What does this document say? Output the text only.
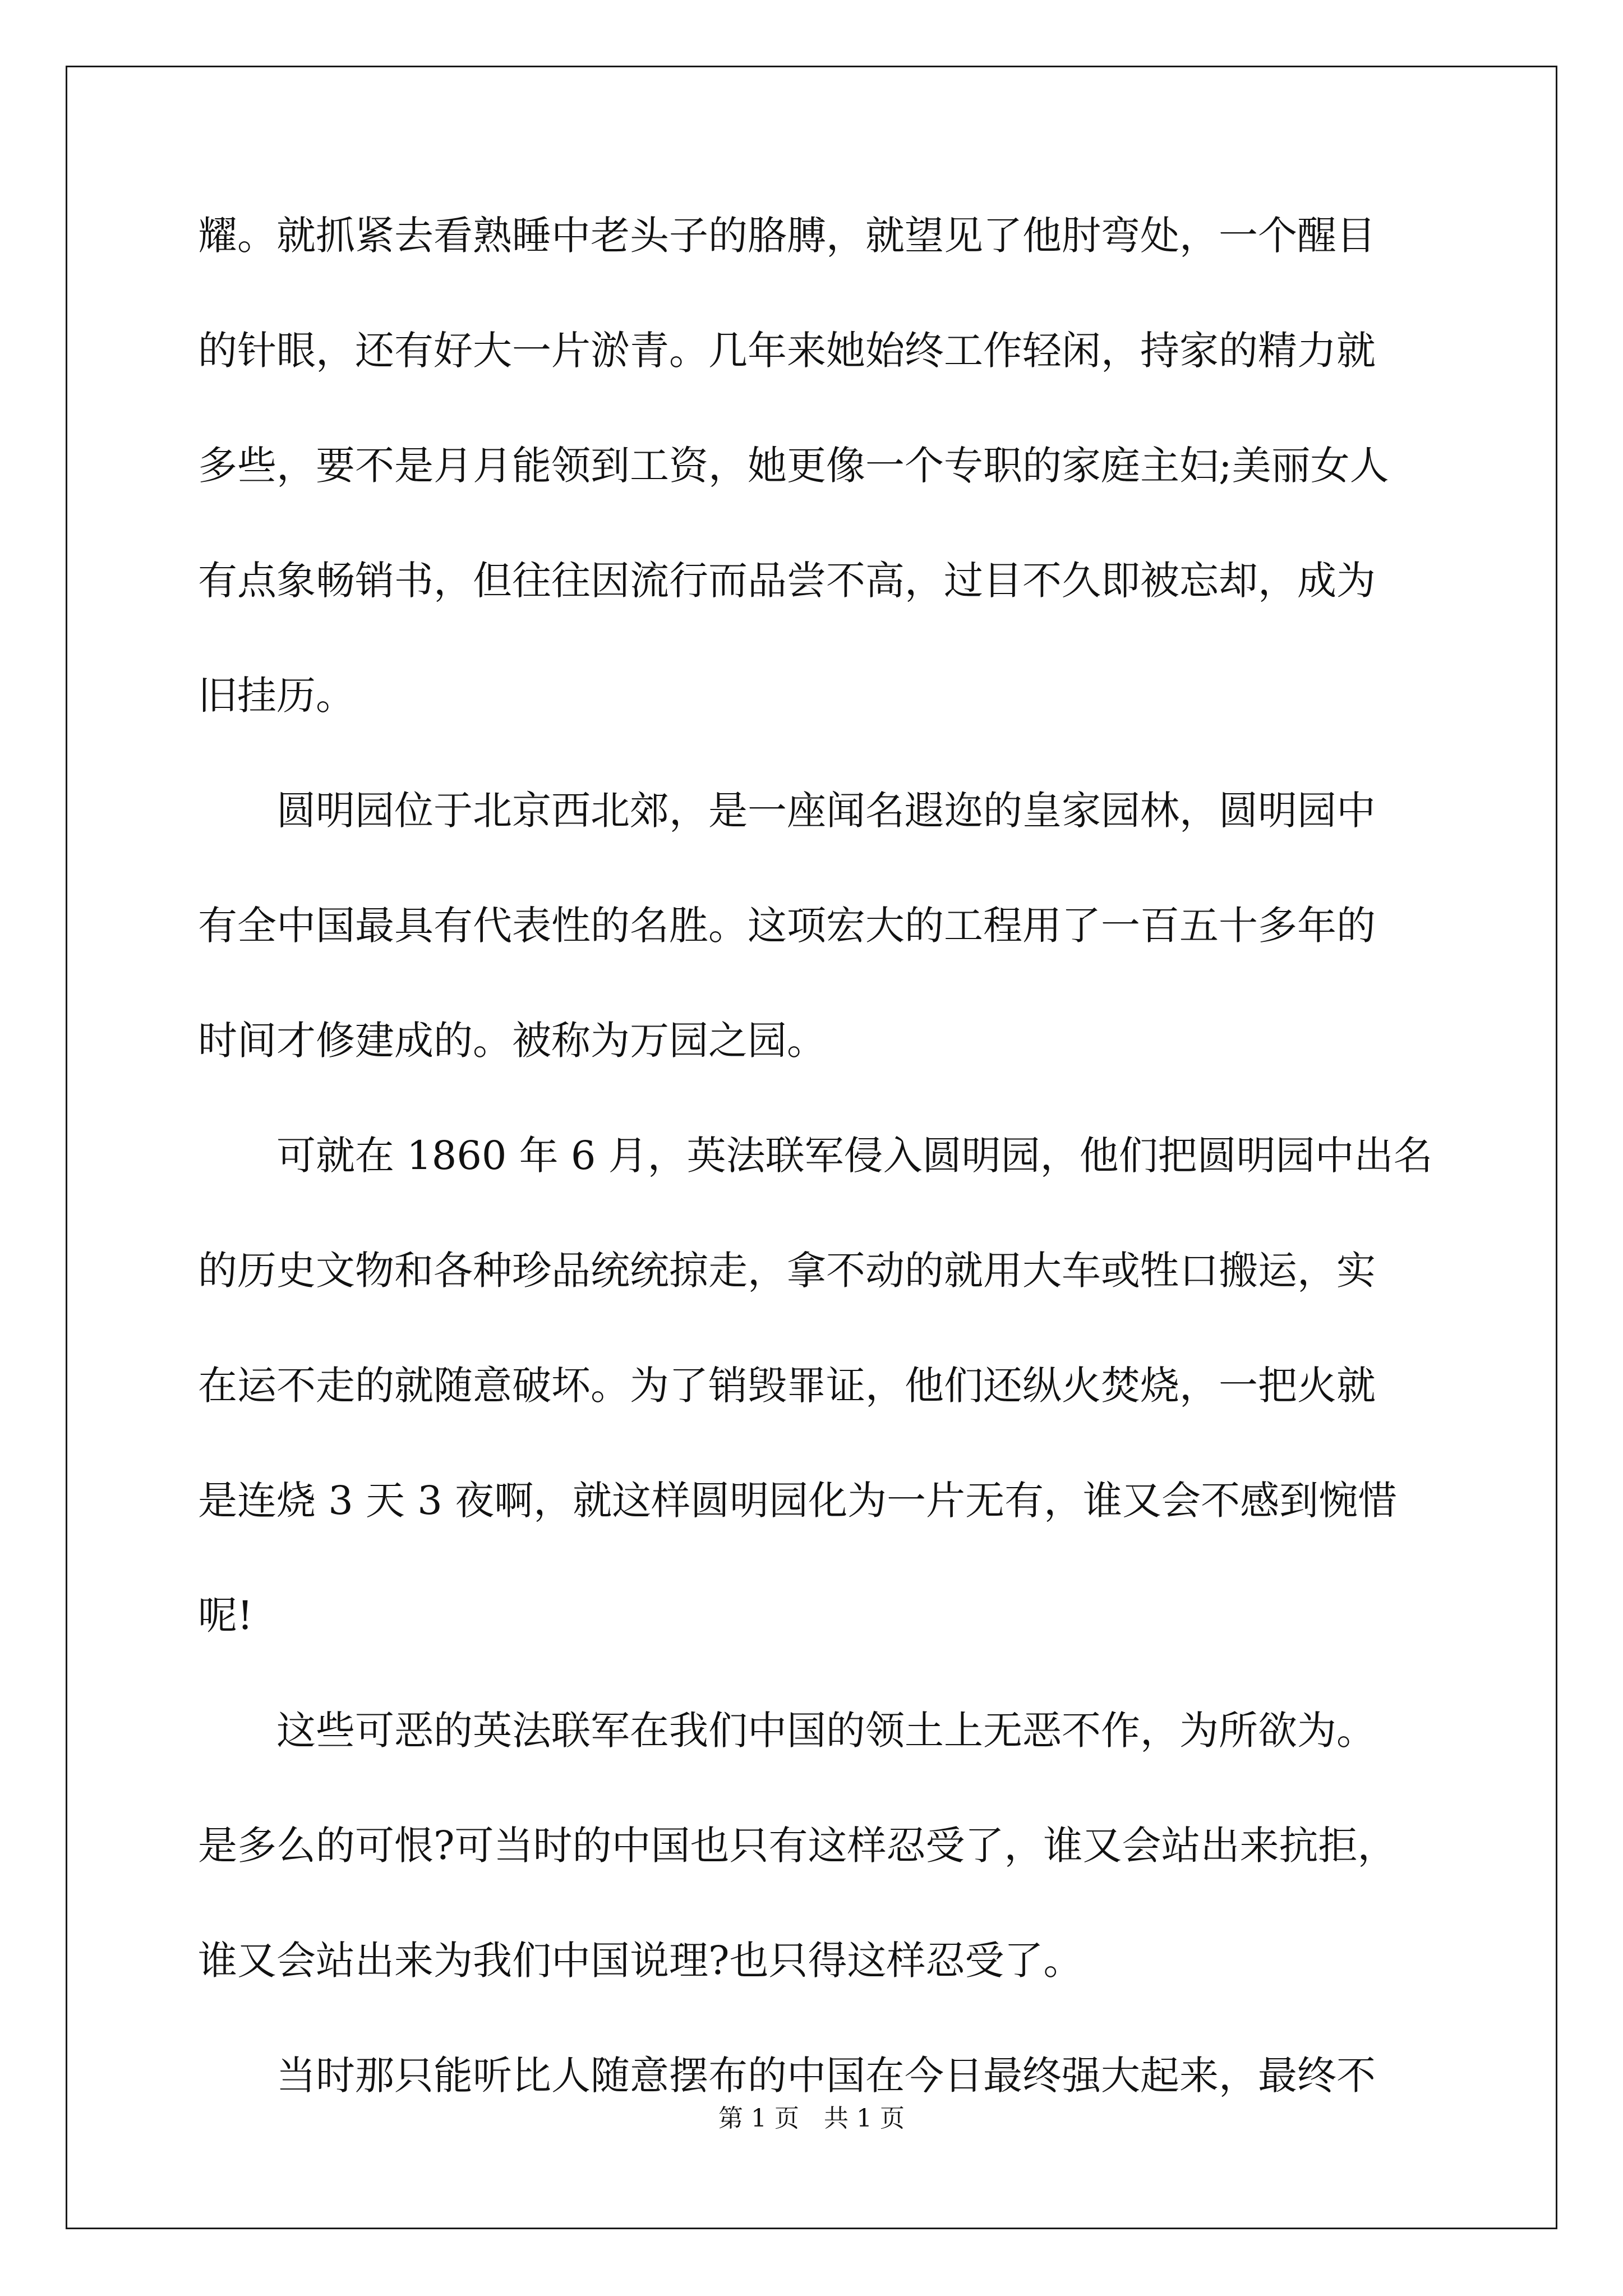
耀。就抓紧去看熟睡中老头子的胳膊，就望见了他肘弯处，一个醒目
的针眼，还有好大一片淤青。几年来她始终工作轻闲，持家的精力就
多些，要不是月月能领到工资，她更像一个专职的家庭主妇;美丽女人
有点象畅销书，但往往因流行而品尝不高，过目不久即被忘却，成为
旧挂历。
　　圆明园位于北京西北郊，是一座闻名遐迩的皇家园林，圆明园中
有全中国最具有代表性的名胜。这项宏大的工程用了一百五十多年的
时间才修建成的。被称为万园之园。
　　可就在 1860 年 6 月，英法联军侵入圆明园，他们把圆明园中出名
的历史文物和各种珍品统统掠走，拿不动的就用大车或牲口搬运，实
在运不走的就随意破坏。为了销毁罪证，他们还纵火焚烧，一把火就
是连烧 3 天 3 夜啊，就这样圆明园化为一片无有，谁又会不感到惋惜
呢!
　　这些可恶的英法联军在我们中国的领土上无恶不作，为所欲为。
是多么的可恨?可当时的中国也只有这样忍受了，谁又会站出来抗拒，
谁又会站出来为我们中国说理?也只得这样忍受了。
　　当时那只能听比人随意摆布的中国在今日最终强大起来，最终不
第 1 页　共 1 页
